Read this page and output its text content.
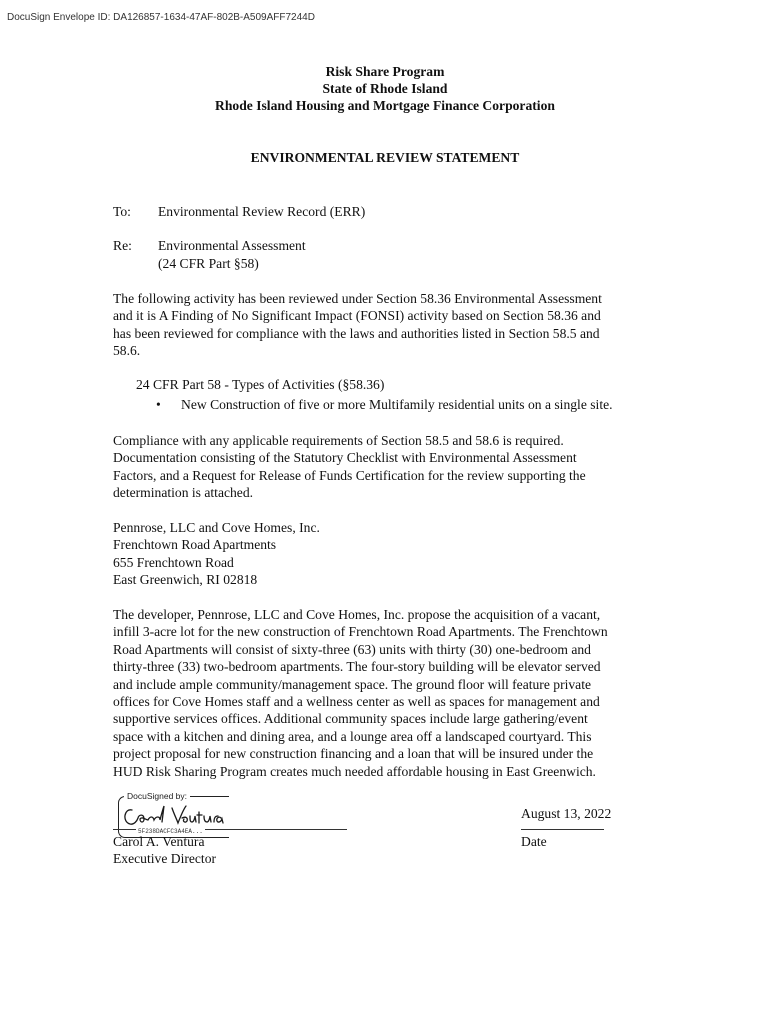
DocuSign Envelope ID: DA126857-1634-47AF-802B-A509AFF7244D
Risk Share Program
State of Rhode Island
Rhode Island Housing and Mortgage Finance Corporation
ENVIRONMENTAL REVIEW STATEMENT
To: Environmental Review Record (ERR)
Re: Environmental Assessment
(24 CFR Part §58)
The following activity has been reviewed under Section 58.36 Environmental Assessment
and it is A Finding of No Significant Impact (FONSI) activity based on Section 58.36 and
has been reviewed for compliance with the laws and authorities listed in Section 58.5 and
58.6.
24 CFR Part 58 - Types of Activities (§58.36)
• New Construction of five or more Multifamily residential units on a single site.
Compliance with any applicable requirements of Section 58.5 and 58.6 is required.
Documentation consisting of the Statutory Checklist with Environmental Assessment
Factors, and a Request for Release of Funds Certification for the review supporting the
determination is attached.
Pennrose, LLC and Cove Homes, Inc.
Frenchtown Road Apartments
655 Frenchtown Road
East Greenwich, RI 02818
The developer, Pennrose, LLC and Cove Homes, Inc. propose the acquisition of a vacant,
infill 3-acre lot for the new construction of Frenchtown Road Apartments. The Frenchtown
Road Apartments will consist of sixty-three (63) units with thirty (30) one-bedroom and
thirty-three (33) two-bedroom apartments. The four-story building will be elevator served
and include ample community/management space. The ground floor will feature private
offices for Cove Homes staff and a wellness center as well as spaces for management and
supportive services offices. Additional community spaces include large gathering/event
space with a kitchen and dining area, and a lounge area off a landscaped courtyard. This
project proposal for new construction financing and a loan that will be insured under the
HUD Risk Sharing Program creates much needed affordable housing in East Greenwich.
DocuSigned by:
5F238DACFC3A4EA...
Carol A. Ventura
Executive Director
August 13, 2022
Date
